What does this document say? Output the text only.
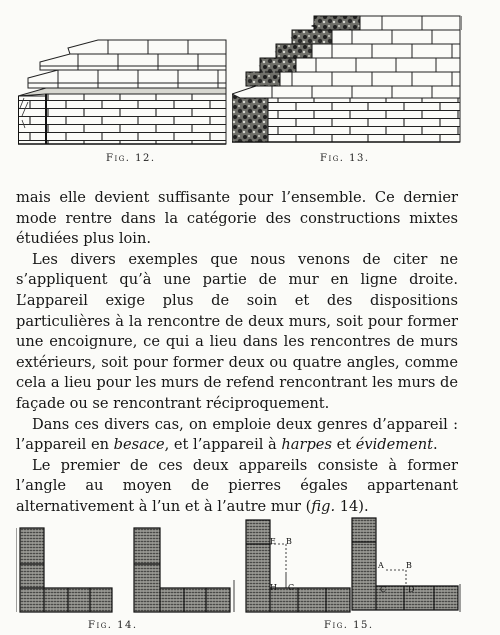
Fig. 12.	Fig. 13.

mais elle devient suffisante pour l’ensemble. Ce dernier mode rentre dans la catégorie des constructions mixtes étudiées plus loin.

Les divers exemples que nous venons de citer ne s’appliquent qu’à une partie de mur en ligne droite. L’appareil exige plus de soin et des dispositions particulières à la rencontre de deux murs, soit pour former une encoignure, ce qui a lieu dans les rencontres de murs extérieurs, soit pour former deux ou quatre angles, comme cela a lieu pour les murs de refend rencontrant les murs de façade ou se rencontrant réciproquement.

Dans ces divers cas, on emploie deux genres d’appareil : l’appareil en besace, et l’appareil à harpes et évidement.

Le premier de ces deux appareils consiste à former l’angle au moyen de pierres égales appartenant alternativement à l’un et à l’autre mur (fig. 14).

Fig. 14.
E B
H C
A	B
C	D
Fig. 15.
